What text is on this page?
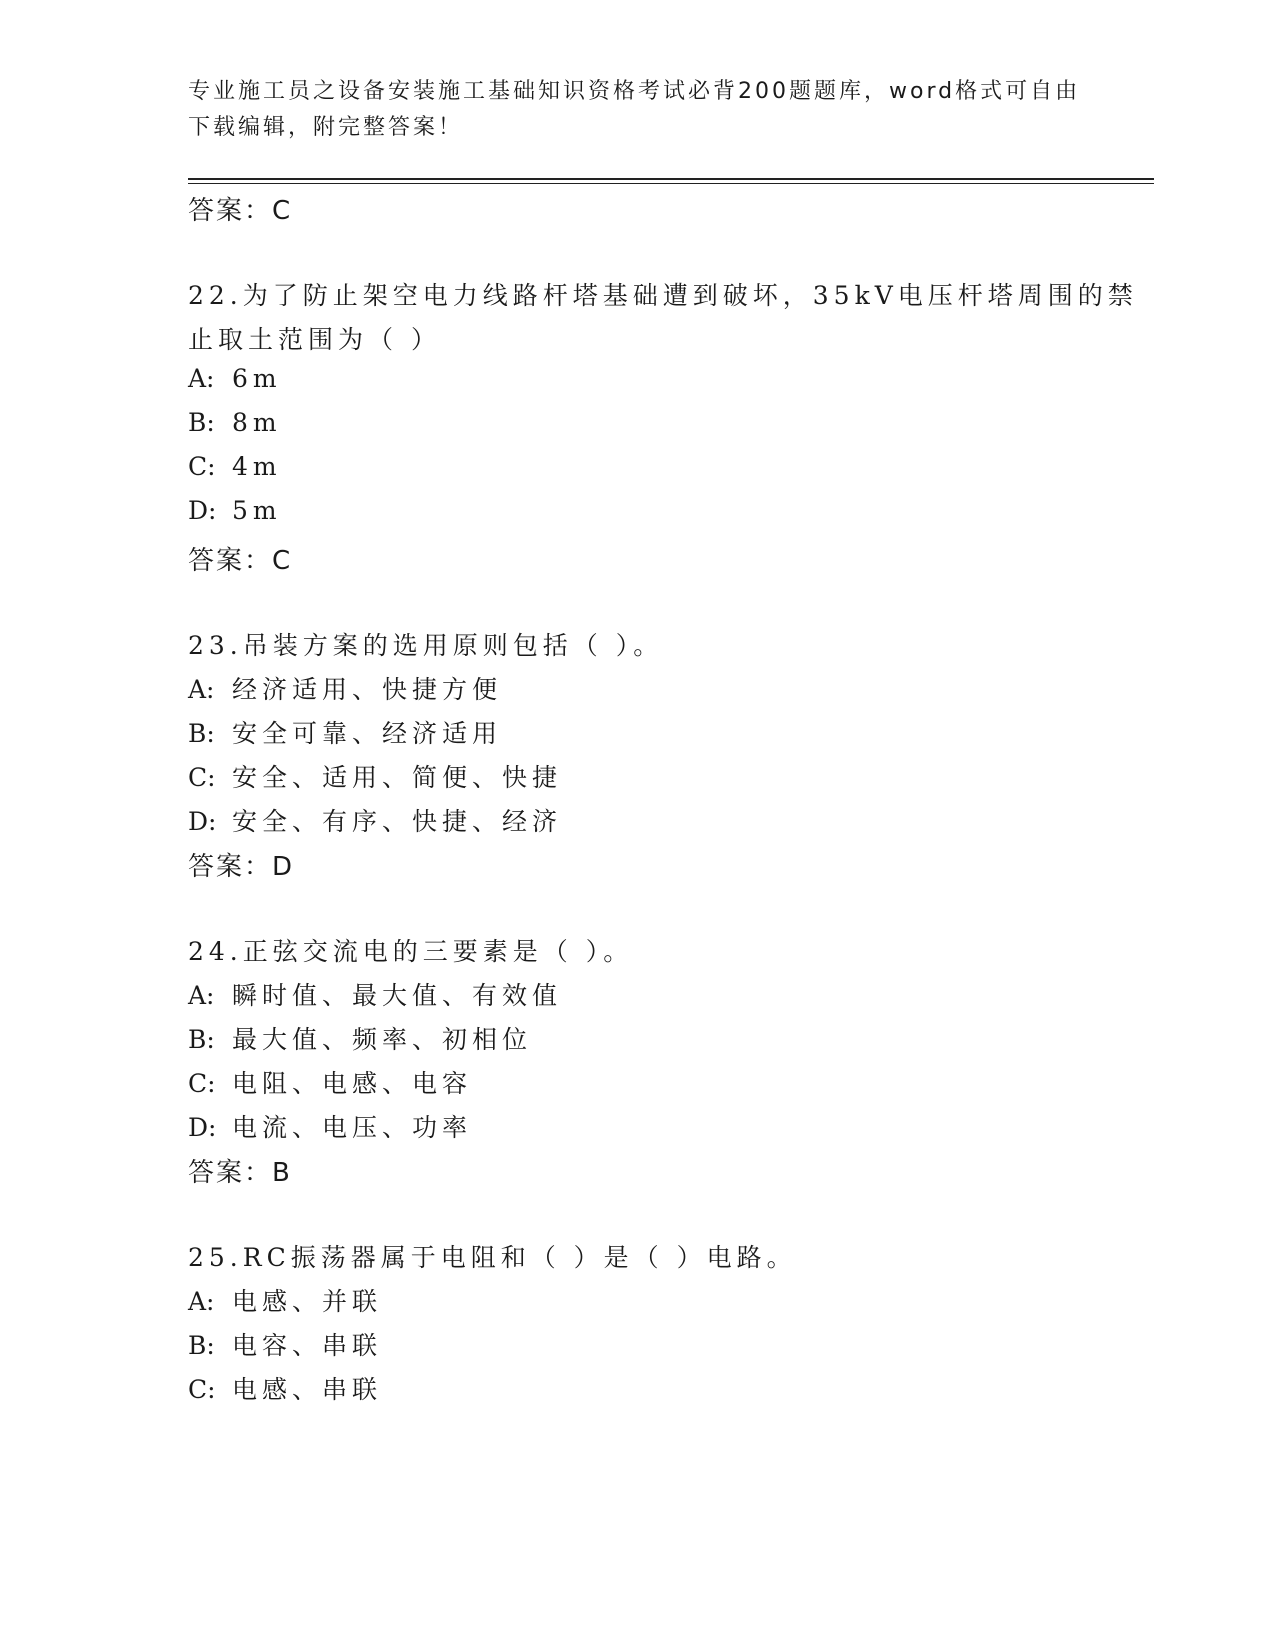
专业施工员之设备安装施工基础知识资格考试必背200题题库，word格式可自由
下载编辑，附完整答案！
答案：C
22.为了防止架空电力线路杆塔基础遭到破坏，35kV电压杆塔周围的禁
止取土范围为（ ）
A: 6m
B: 8m
C: 4m
D: 5m
答案：C
23.吊装方案的选用原则包括（ ）。
A: 经济适用、快捷方便
B: 安全可靠、经济适用
C: 安全、适用、简便、快捷
D: 安全、有序、快捷、经济
答案：D
24.正弦交流电的三要素是（ ）。
A: 瞬时值、最大值、有效值
B: 最大值、频率、初相位
C: 电阻、电感、电容
D: 电流、电压、功率
答案：B
25.RC振荡器属于电阻和（ ）是（ ）电路。
A: 电感、并联
B: 电容、串联
C: 电感、串联
